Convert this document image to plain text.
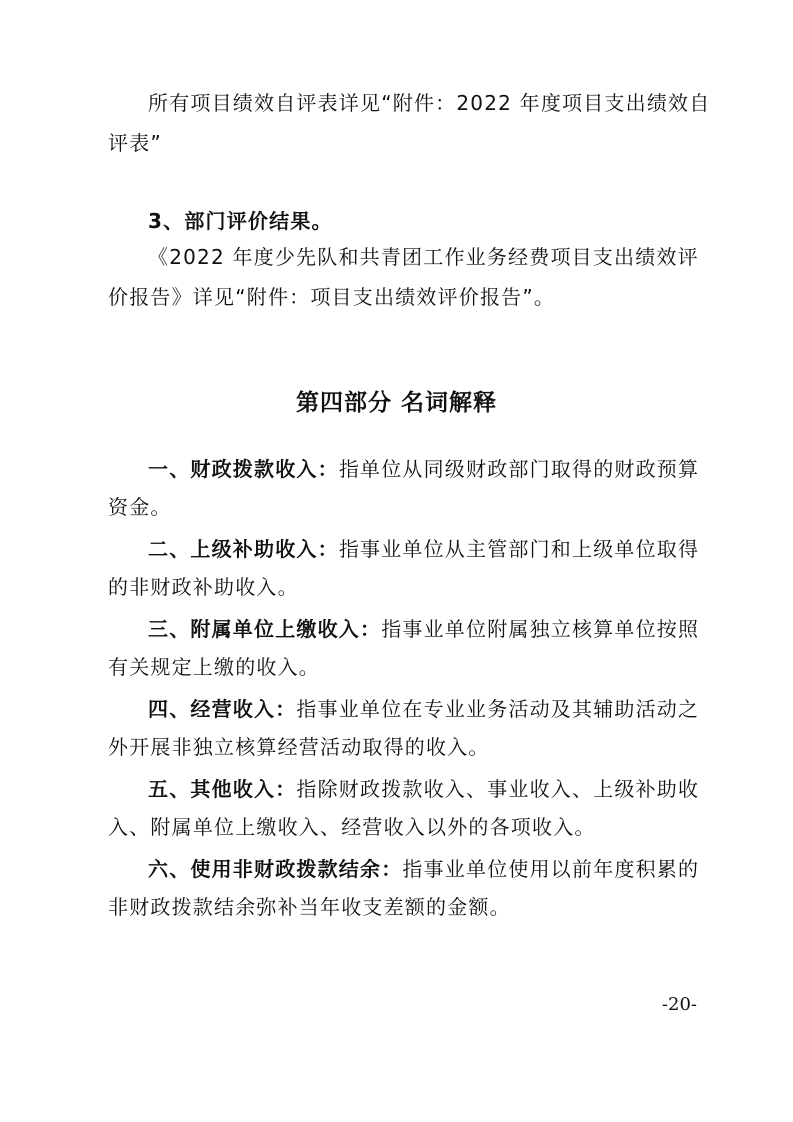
所有项目绩效自评表详见“附件：2022 年度项目支出绩效自
评表”
3、部门评价结果。
《2022 年度少先队和共青团工作业务经费项目支出绩效评
价报告》详见“附件：项目支出绩效评价报告”。
第四部分 名词解释
一、财政拨款收入：指单位从同级财政部门取得的财政预算
资金。
二、上级补助收入：指事业单位从主管部门和上级单位取得
的非财政补助收入。
三、附属单位上缴收入：指事业单位附属独立核算单位按照
有关规定上缴的收入。
四、经营收入：指事业单位在专业业务活动及其辅助活动之
外开展非独立核算经营活动取得的收入。
五、其他收入：指除财政拨款收入、事业收入、上级补助收
入、附属单位上缴收入、经营收入以外的各项收入。
六、使用非财政拨款结余：指事业单位使用以前年度积累的
非财政拨款结余弥补当年收支差额的金额。
-20-
